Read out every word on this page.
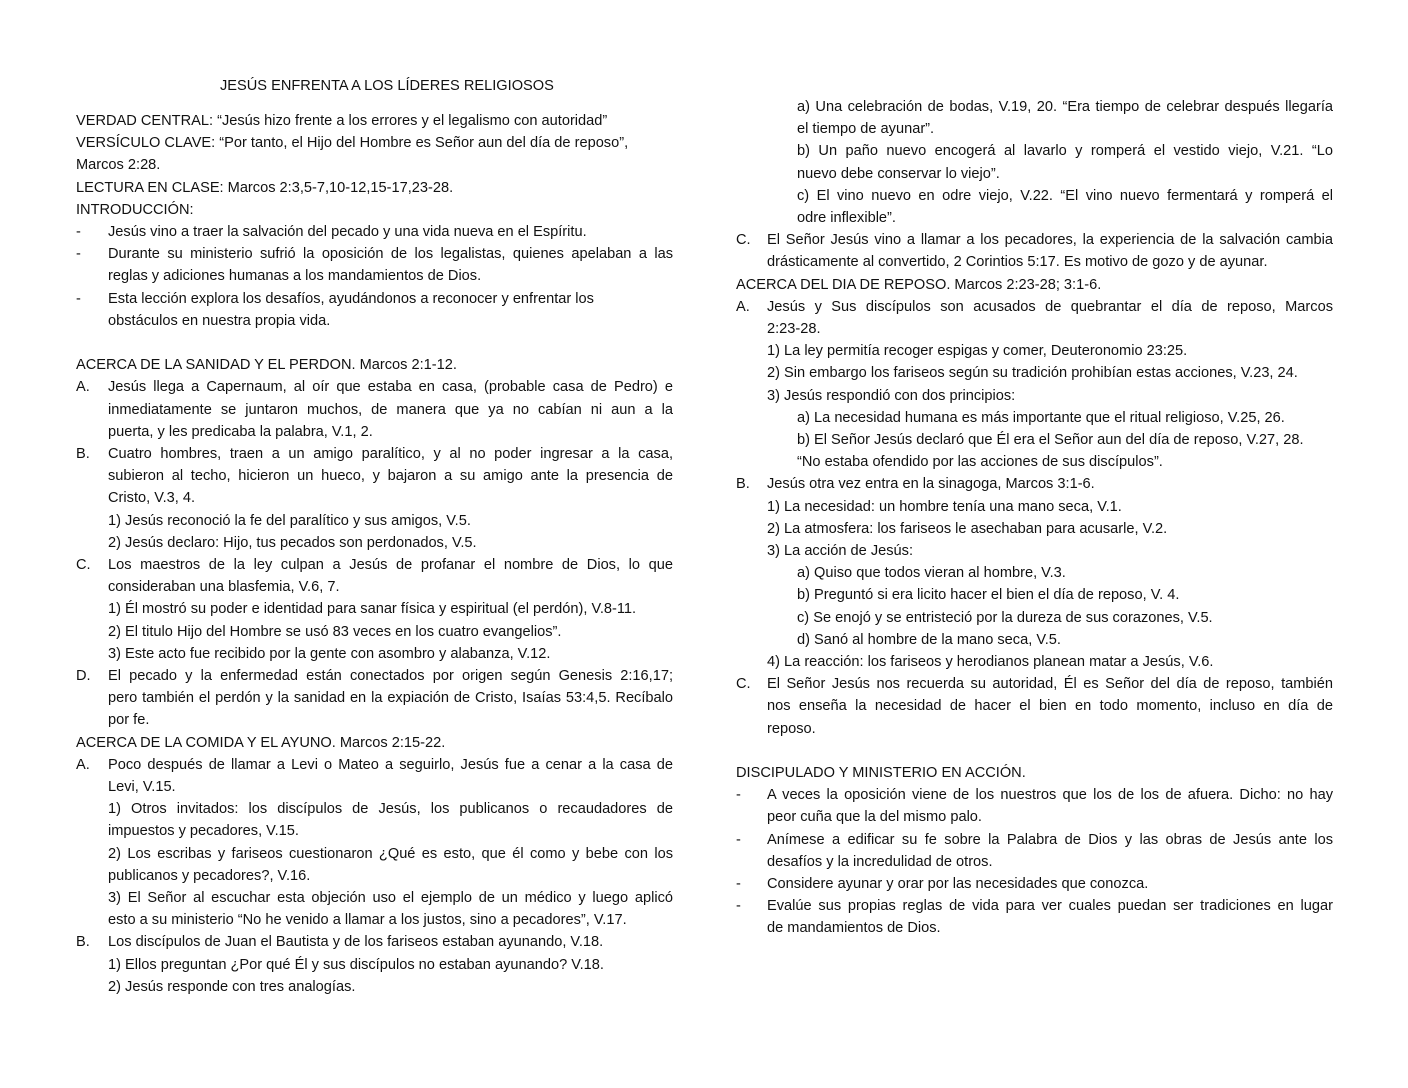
JESÚS ENFRENTA A LOS LÍDERES RELIGIOSOS
VERDAD CENTRAL: “Jesús hizo frente a los errores y el legalismo con autoridad”
VERSÍCULO CLAVE: “Por tanto, el Hijo del Hombre es Señor aun del día de reposo”,
Marcos 2:28.
LECTURA EN CLASE: Marcos 2:3,5-7,10-12,15-17,23-28.
INTRODUCCIÓN:
- Jesús vino a traer la salvación del pecado y una vida nueva en el Espíritu.
- Durante su ministerio sufrió la oposición de los legalistas, quienes apelaban a las
reglas y adiciones humanas a los mandamientos de Dios.
- Esta lección explora los desafíos, ayudándonos a reconocer y enfrentar los
obstáculos en nuestra propia vida.
ACERCA DE LA SANIDAD Y EL PERDON. Marcos 2:1-12.
A. Jesús llega a Capernaum, al oír que estaba en casa, (probable casa de Pedro) e
inmediatamente se juntaron muchos, de manera que ya no cabían ni aun a la
puerta, y les predicaba la palabra, V.1, 2.
B. Cuatro hombres, traen a un amigo paralítico, y al no poder ingresar a la casa,
subieron al techo, hicieron un hueco, y bajaron a su amigo ante la presencia de
Cristo, V.3, 4.
1) Jesús reconoció la fe del paralítico y sus amigos, V.5.
2) Jesús declaro: Hijo, tus pecados son perdonados, V.5.
C. Los maestros de la ley culpan a Jesús de profanar el nombre de Dios, lo que
consideraban una blasfemia, V.6, 7.
1) Él mostró su poder e identidad para sanar física y espiritual (el perdón), V.8-11.
2) El titulo Hijo del Hombre se usó 83 veces en los cuatro evangelios”.
3) Este acto fue recibido por la gente con asombro y alabanza, V.12.
D. El pecado y la enfermedad están conectados por origen según Genesis 2:16,17;
pero también el perdón y la sanidad en la expiación de Cristo, Isaías 53:4,5. Recíbalo
por fe.
ACERCA DE LA COMIDA Y EL AYUNO. Marcos 2:15-22.
A. Poco después de llamar a Levi o Mateo a seguirlo, Jesús fue a cenar a la casa de
Levi, V.15.
1) Otros invitados: los discípulos de Jesús, los publicanos o recaudadores de
impuestos y pecadores, V.15.
2) Los escribas y fariseos cuestionaron ¿Qué es esto, que él como y bebe con los
publicanos y pecadores?, V.16.
3) El Señor al escuchar esta objeción uso el ejemplo de un médico y luego aplicó
esto a su ministerio “No he venido a llamar a los justos, sino a pecadores”, V.17.
B. Los discípulos de Juan el Bautista y de los fariseos estaban ayunando, V.18.
1) Ellos preguntan ¿Por qué Él y sus discípulos no estaban ayunando? V.18.
2) Jesús responde con tres analogías.
a) Una celebración de bodas, V.19, 20. “Era tiempo de celebrar después llegaría
el tiempo de ayunar”.
b) Un paño nuevo encogerá al lavarlo y romperá el vestido viejo, V.21. “Lo
nuevo debe conservar lo viejo”.
c) El vino nuevo en odre viejo, V.22. “El vino nuevo fermentará y romperá el
odre inflexible”.
C. El Señor Jesús vino a llamar a los pecadores, la experiencia de la salvación cambia
drásticamente al convertido, 2 Corintios 5:17. Es motivo de gozo y de ayunar.
ACERCA DEL DIA DE REPOSO. Marcos 2:23-28; 3:1-6.
A. Jesús y Sus discípulos son acusados de quebrantar el día de reposo, Marcos
2:23-28.
1) La ley permitía recoger espigas y comer, Deuteronomio 23:25.
2) Sin embargo los fariseos según su tradición prohibían estas acciones, V.23, 24.
3) Jesús respondió con dos principios:
a) La necesidad humana es más importante que el ritual religioso, V.25, 26.
b) El Señor Jesús declaró que Él era el Señor aun del día de reposo, V.27, 28.
“No estaba ofendido por las acciones de sus discípulos”.
B. Jesús otra vez entra en la sinagoga, Marcos 3:1-6.
1) La necesidad: un hombre tenía una mano seca, V.1.
2) La atmosfera: los fariseos le asechaban para acusarle, V.2.
3) La acción de Jesús:
a) Quiso que todos vieran al hombre, V.3.
b) Preguntó si era licito hacer el bien el día de reposo, V. 4.
c) Se enojó y se entristeció por la dureza de sus corazones, V.5.
d) Sanó al hombre de la mano seca, V.5.
4) La reacción: los fariseos y herodianos planean matar a Jesús, V.6.
C. El Señor Jesús nos recuerda su autoridad, Él es Señor del día de reposo, también
nos enseña la necesidad de hacer el bien en todo momento, incluso en día de
reposo.
DISCIPULADO Y MINISTERIO EN ACCIÓN.
- A veces la oposición viene de los nuestros que los de los de afuera. Dicho: no hay
peor cuña que la del mismo palo.
- Anímese a edificar su fe sobre la Palabra de Dios y las obras de Jesús ante los
desafíos y la incredulidad de otros.
- Considere ayunar y orar por las necesidades que conozca.
- Evalúe sus propias reglas de vida para ver cuales puedan ser tradiciones en lugar
de mandamientos de Dios.
